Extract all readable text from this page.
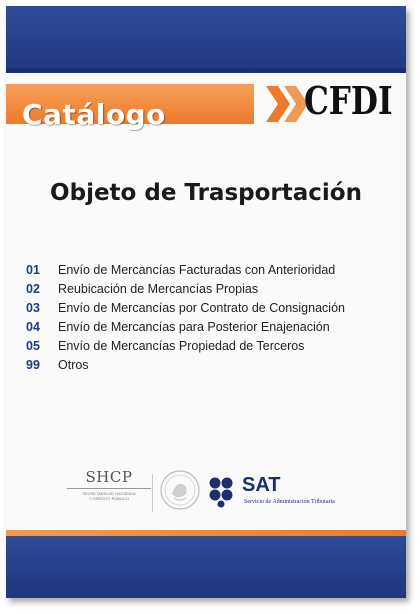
Catálogo	CFDI
Objeto de Trasportación
01 Envío de Mercancías Facturadas con Anterioridad
02 Reubicación de Mercancías Propias
03 Envío de Mercancías por Contrato de Consignación
04 Envío de Mercancías para Posterior Enajenación
05 Envío de Mercancías Propiedad de Terceros
99 Otros
SHCP
SECRETARÍA DE HACIENDA
Y CRÉDITO PÚBLICO
SAT
Servicio de Administración Tributaria
